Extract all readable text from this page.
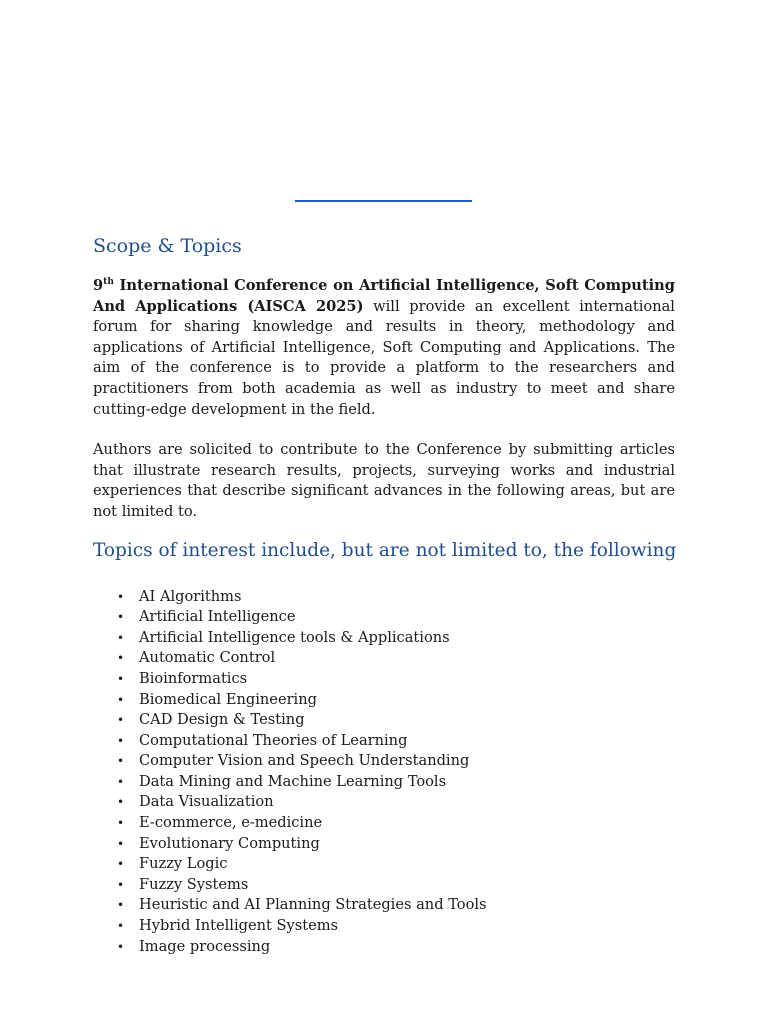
Scope & Topics

9th International Conference on Artificial Intelligence, Soft Computing And Applications (AISCA 2025) will provide an excellent international forum for sharing knowledge and results in theory, methodology and applications of Artificial Intelligence, Soft Computing and Applications. The aim of the conference is to provide a platform to the researchers and practitioners from both academia as well as industry to meet and share cutting-edge development in the field.

Authors are solicited to contribute to the Conference by submitting articles that illustrate research results, projects, surveying works and industrial experiences that describe significant advances in the following areas, but are not limited to.

Topics of interest include, but are not limited to, the following
• AI Algorithms
• Artificial Intelligence
• Artificial Intelligence tools & Applications
• Automatic Control
• Bioinformatics
• Biomedical Engineering
• CAD Design & Testing
• Computational Theories of Learning
• Computer Vision and Speech Understanding
• Data Mining and Machine Learning Tools
• Data Visualization
• E-commerce, e-medicine
• Evolutionary Computing
• Fuzzy Logic
• Fuzzy Systems
• Heuristic and AI Planning Strategies and Tools
• Hybrid Intelligent Systems
• Image processing
